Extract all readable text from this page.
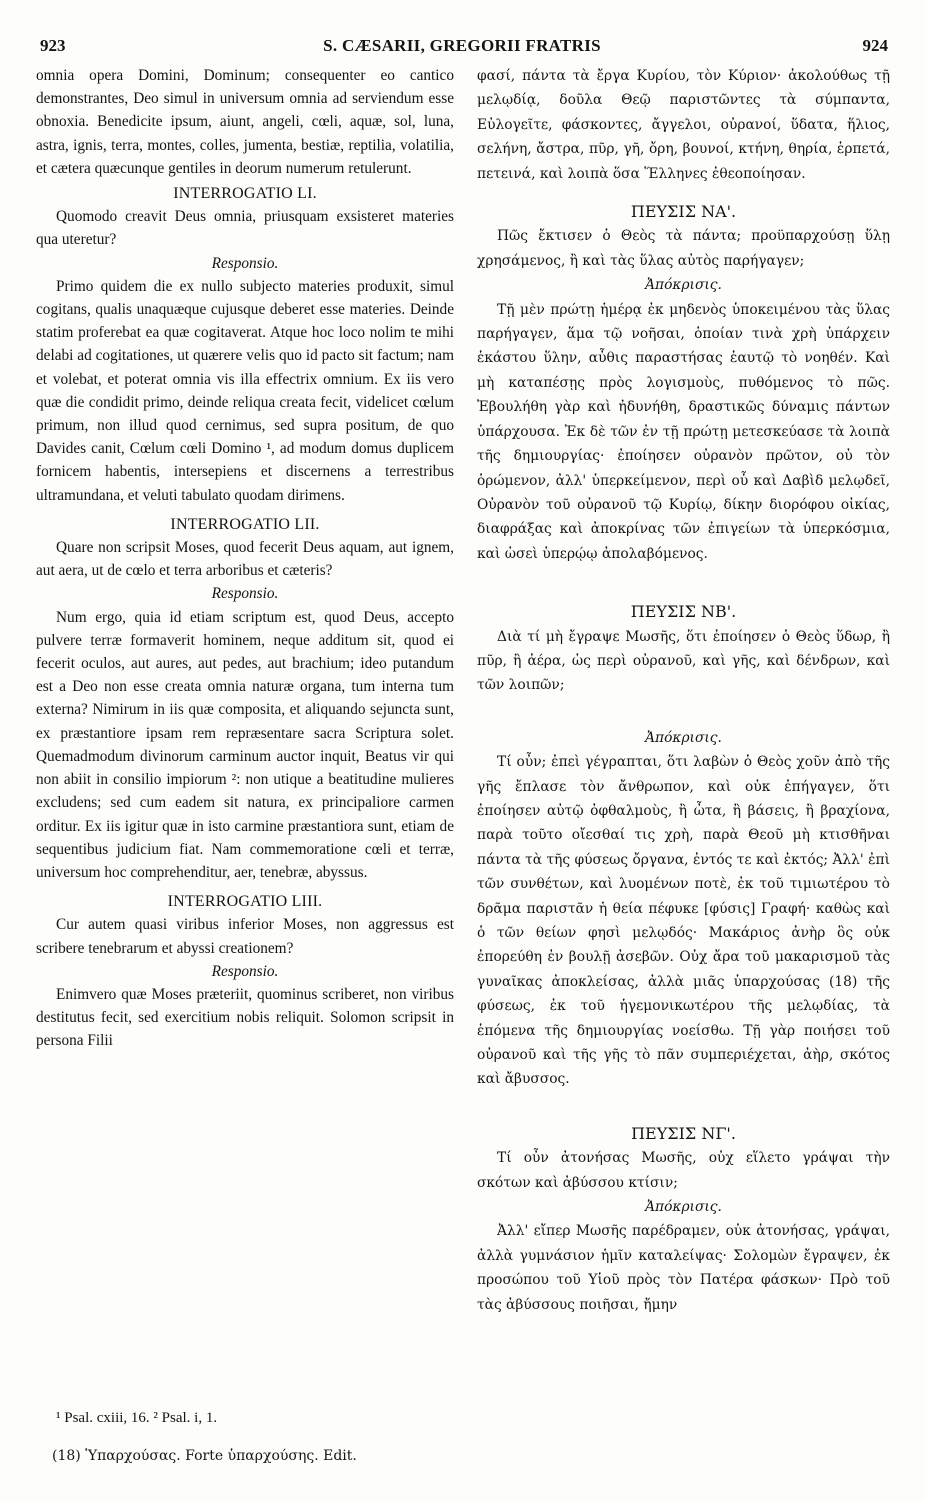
923	S. CÆSARII, GREGORII FRATRIS	924

omnia opera Domini, Dominum; consequenter eo cantico demonstrantes, Deo simul in universum omnia ad serviendum esse obnoxia. Benedicite ipsum, aiunt, angeli, cœli, aquæ, sol, luna, astra, ignis, terra, montes, colles, jumenta, bestiæ, reptilia, volatilia, et cætera quæcunque gentiles in deorum numerum retulerunt.

INTERROGATIO LI.

Quomodo creavit Deus omnia, priusquam exsisteret materies qua uteretur?

Responsio.

Primo quidem die ex nullo subjecto materies produxit, simul cogitans, qualis unaquæque cujusque deberet esse materies. Deinde statim proferebat ea quæ cogitaverat. Atque hoc loco nolim te mihi delabi ad cogitationes, ut quærere velis quo id pacto sit factum; nam et volebat, et poterat omnia vis illa effectrix omnium. Ex iis vero quæ die condidit primo, deinde reliqua creata fecit, videlicet cœlum primum, non illud quod cernimus, sed supra positum, de quo Davides canit, Cœlum cœli Domino ¹, ad modum domus duplicem fornicem habentis, intersepiens et discernens a terrestribus ultramundana, et veluti tabulato quodam dirimens.

INTERROGATIO LII.

Quare non scripsit Moses, quod fecerit Deus aquam, aut ignem, aut aera, ut de cœlo et terra arboribus et cæteris?

Responsio.

Num ergo, quia id etiam scriptum est, quod Deus, accepto pulvere terræ formaverit hominem, neque additum sit, quod ei fecerit oculos, aut aures, aut pedes, aut brachium; ideo putandum est a Deo non esse creata omnia naturæ organa, tum interna tum externa? Nimirum in iis quæ composita, et aliquando sejuncta sunt, ex præstantiore ipsam rem repræsentare sacra Scriptura solet. Quemadmodum divinorum carminum auctor inquit, Beatus vir qui non abiit in consilio impiorum ²: non utique a beatitudine mulieres excludens; sed cum eadem sit natura, ex principaliore carmen orditur. Ex iis igitur quæ in isto carmine præstantiora sunt, etiam de sequentibus judicium fiat. Nam commemoratione cœli et terræ, universum hoc comprehenditur, aer, tenebræ, abyssus.

INTERROGATIO LIII.

Cur autem quasi viribus inferior Moses, non aggressus est scribere tenebrarum et abyssi creationem?

Responsio.

Enimvero quæ Moses præteriit, quominus scriberet, non viribus destitutus fecit, sed exercitium nobis reliquit. Solomon scripsit in persona Filii

φασί, πάντα τὰ ἔργα Κυρίου, τὸν Κύριον· ἀκολούθως τῇ μελῳδίᾳ, δοῦλα Θεῷ παριστῶντες τὰ σύμπαντα, Εὐλογεῖτε, φάσκοντες, ἄγγελοι, οὐρανοί, ὕδατα, ἥλιος, σελήνη, ἄστρα, πῦρ, γῆ, ὄρη, βουνοί, κτήνη, θηρία, ἑρπετά, πετεινά, καὶ λοιπὰ ὅσα Ἕλληνες ἐθεοποίησαν.

ΠΕΥΣΙΣ ΝΑ'.

Πῶς ἔκτισεν ὁ Θεὸς τὰ πάντα; προϋπαρχούσῃ ὕλῃ χρησάμενος, ἢ καὶ τὰς ὕλας αὐτὸς παρήγαγεν;

Ἀπόκρισις.

Τῇ μὲν πρώτῃ ἡμέρᾳ ἐκ μηδενὸς ὑποκειμένου τὰς ὕλας παρήγαγεν, ἅμα τῷ νοῆσαι, ὁποίαν τινὰ χρὴ ὑπάρχειν ἑκάστου ὕλην, αὖθις παραστήσας ἑαυτῷ τὸ νοηθέν. Καὶ μὴ καταπέσῃς πρὸς λογισμοὺς, πυθόμενος τὸ πῶς. Ἐβουλήθη γὰρ καὶ ἠδυνήθη, δραστικῶς δύναμις πάντων ὑπάρχουσα. Ἐκ δὲ τῶν ἐν τῇ πρώτῃ μετεσκεύασε τὰ λοιπὰ τῆς δημιουργίας· ἐποίησεν οὐρανὸν πρῶτον, οὐ τὸν ὁρώμενον, ἀλλ' ὑπερκείμενον, περὶ οὗ καὶ Δαβὶδ μελῳδεῖ, Οὐρανὸν τοῦ οὐρανοῦ τῷ Κυρίῳ, δίκην διορόφου οἰκίας, διαφράξας καὶ ἀποκρίνας τῶν ἐπιγείων τὰ ὑπερκόσμια, καὶ ὡσεὶ ὑπερῴῳ ἀπολαβόμενος.

ΠΕΥΣΙΣ ΝΒ'.

Διὰ τί μὴ ἔγραψε Μωσῆς, ὅτι ἐποίησεν ὁ Θεὸς ὕδωρ, ἢ πῦρ, ἢ ἀέρα, ὡς περὶ οὐρανοῦ, καὶ γῆς, καὶ δένδρων, καὶ τῶν λοιπῶν;

Ἀπόκρισις.

Τί οὖν; ἐπεὶ γέγραπται, ὅτι λαβὼν ὁ Θεὸς χοῦν ἀπὸ τῆς γῆς ἔπλασε τὸν ἄνθρωπον, καὶ οὐκ ἐπήγαγεν, ὅτι ἐποίησεν αὐτῷ ὀφθαλμοὺς, ἢ ὦτα, ἢ βάσεις, ἢ βραχίονα, παρὰ τοῦτο οἴεσθαί τις χρὴ, παρὰ Θεοῦ μὴ κτισθῆναι πάντα τὰ τῆς φύσεως ὄργανα, ἐντός τε καὶ ἐκτός; Ἀλλ' ἐπὶ τῶν συνθέτων, καὶ λυομένων ποτὲ, ἐκ τοῦ τιμιωτέρου τὸ δρᾶμα παριστᾶν ἡ θεία πέφυκε [φύσις] Γραφή· καθὼς καὶ ὁ τῶν θείων φησὶ μελῳδός· Μακάριος ἀνὴρ ὃς οὐκ ἐπορεύθη ἐν βουλῇ ἀσεβῶν. Οὐχ ἄρα τοῦ μακαρισμοῦ τὰς γυναῖκας ἀποκλείσας, ἀλλὰ μιᾶς ὑπαρχούσας (18) τῆς φύσεως, ἐκ τοῦ ἡγεμονικωτέρου τῆς μελῳδίας, τὰ ἑπόμενα τῆς δημιουργίας νοείσθω. Τῇ γὰρ ποιήσει τοῦ οὐρανοῦ καὶ τῆς γῆς τὸ πᾶν συμπεριέχεται, ἀὴρ, σκότος καὶ ἄβυσσος.

ΠΕΥΣΙΣ ΝΓ'.

Τί οὖν ἀτονήσας Μωσῆς, οὐχ εἵλετο γράψαι τὴν σκότων καὶ ἀβύσσου κτίσιν;

Ἀπόκρισις.

Ἀλλ' εἴπερ Μωσῆς παρέδραμεν, οὐκ ἀτονήσας, γράψαι, ἀλλὰ γυμνάσιον ἡμῖν καταλείψας· Σολομὼν ἔγραψεν, ἐκ προσώπου τοῦ Υἱοῦ πρὸς τὸν Πατέρα φάσκων· Πρὸ τοῦ τὰς ἀβύσσους ποιῆσαι, ἤμην

¹ Psal. cxiii, 16. ² Psal. i, 1.
(18) Ὑπαρχούσας. Forte ὑπαρχούσης. Edit.
